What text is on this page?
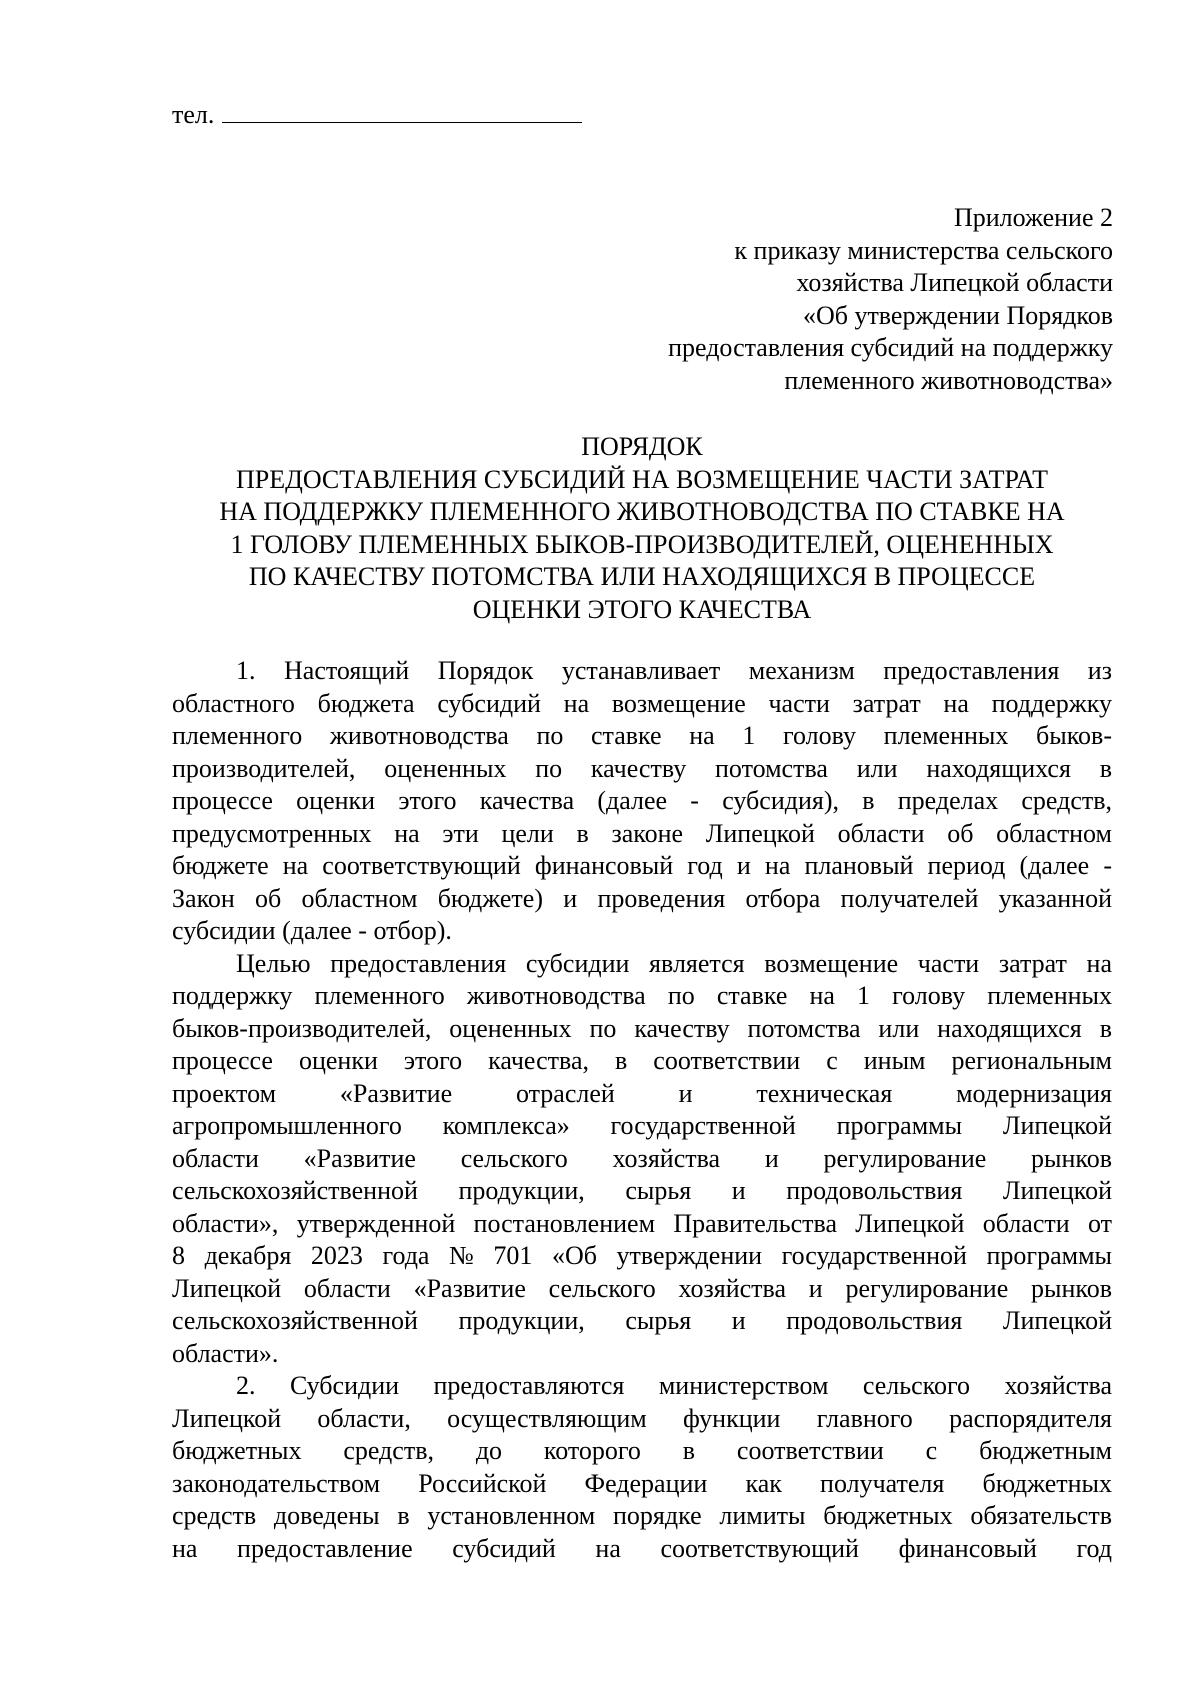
тел.
Приложение 2
к приказу министерства сельского
хозяйства Липецкой области
«Об утверждении Порядков
предоставления субсидий на поддержку
племенного животноводства»
ПОРЯДОК
ПРЕДОСТАВЛЕНИЯ СУБСИДИЙ НА ВОЗМЕЩЕНИЕ ЧАСТИ ЗАТРАТ
НА ПОДДЕРЖКУ ПЛЕМЕННОГО ЖИВОТНОВОДСТВА ПО СТАВКЕ НА
1 ГОЛОВУ ПЛЕМЕННЫХ БЫКОВ-ПРОИЗВОДИТЕЛЕЙ, ОЦЕНЕННЫХ
ПО КАЧЕСТВУ ПОТОМСТВА ИЛИ НАХОДЯЩИХСЯ В ПРОЦЕССЕ
ОЦЕНКИ ЭТОГО КАЧЕСТВА
1. Настоящий Порядок устанавливает механизм предоставления из
областного бюджета субсидий на возмещение части затрат на поддержку
племенного животноводства по ставке на 1 голову племенных быков-
производителей, оцененных по качеству потомства или находящихся в
процессе оценки этого качества (далее - субсидия), в пределах средств,
предусмотренных на эти цели в законе Липецкой области об областном
бюджете на соответствующий финансовый год и на плановый период (далее -
Закон об областном бюджете) и проведения отбора получателей указанной
субсидии (далее - отбор).
Целью предоставления субсидии является возмещение части затрат на
поддержку племенного животноводства по ставке на 1 голову племенных
быков-производителей, оцененных по качеству потомства или находящихся в
процессе оценки этого качества, в соответствии с иным региональным
проектом «Развитие отраслей и техническая модернизация
агропромышленного комплекса» государственной программы Липецкой
области «Развитие сельского хозяйства и регулирование рынков
сельскохозяйственной продукции, сырья и продовольствия Липецкой
области», утвержденной постановлением Правительства Липецкой области от
8 декабря 2023 года № 701 «Об утверждении государственной программы
Липецкой области «Развитие сельского хозяйства и регулирование рынков
сельскохозяйственной продукции, сырья и продовольствия Липецкой
области».
2. Субсидии предоставляются министерством сельского хозяйства
Липецкой области, осуществляющим функции главного распорядителя
бюджетных средств, до которого в соответствии с бюджетным
законодательством Российской Федерации как получателя бюджетных
средств доведены в установленном порядке лимиты бюджетных обязательств
на предоставление субсидий на соответствующий финансовый год
